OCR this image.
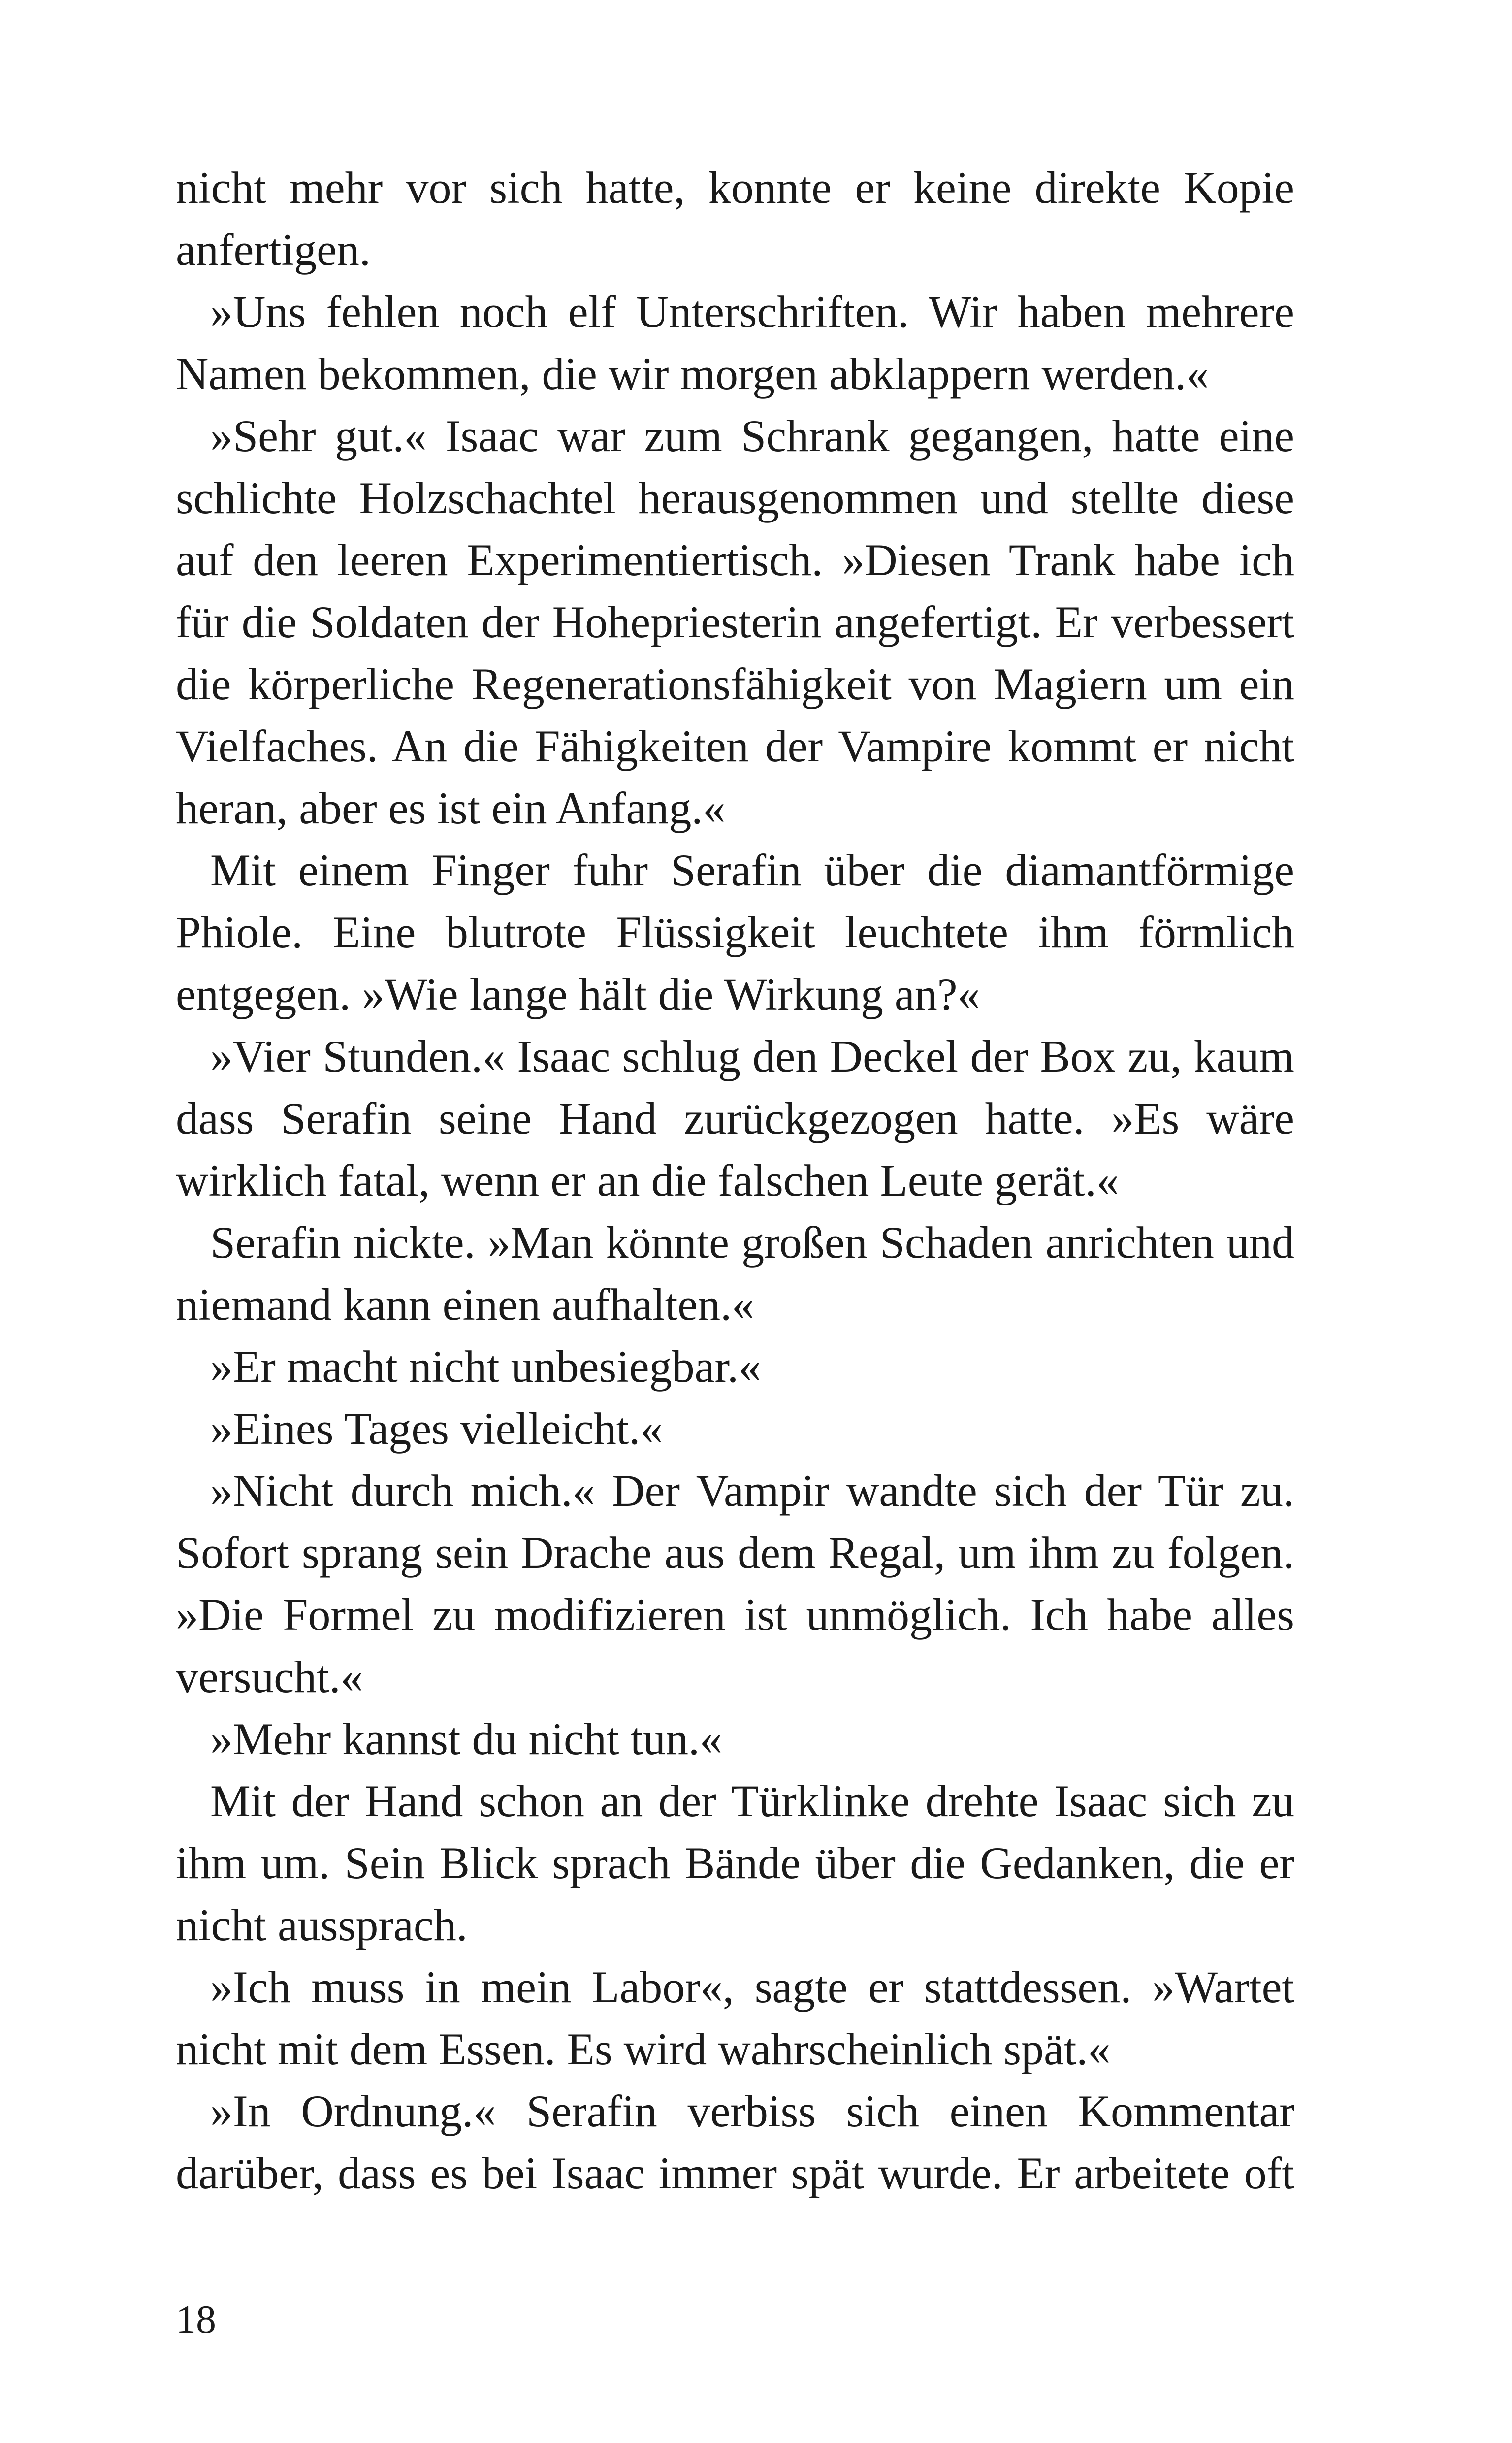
nicht mehr vor sich hatte, konnte er keine direkte Kopie anfertigen.

»Uns fehlen noch elf Unterschriften. Wir haben mehrere Namen bekommen, die wir morgen abklappern werden.«

»Sehr gut.« Isaac war zum Schrank gegangen, hatte eine schlichte Holzschachtel herausgenommen und stellte diese auf den leeren Experimentiertisch. »Diesen Trank habe ich für die Soldaten der Hohepriesterin angefertigt. Er verbessert die körperliche Regenerationsfähigkeit von Magiern um ein Vielfaches. An die Fähigkeiten der Vampire kommt er nicht heran, aber es ist ein Anfang.«

Mit einem Finger fuhr Serafin über die diamantförmige Phiole. Eine blutrote Flüssigkeit leuchtete ihm förmlich entgegen. »Wie lange hält die Wirkung an?«

»Vier Stunden.« Isaac schlug den Deckel der Box zu, kaum dass Serafin seine Hand zurückgezogen hatte. »Es wäre wirklich fatal, wenn er an die falschen Leute gerät.«

Serafin nickte. »Man könnte großen Schaden anrichten und niemand kann einen aufhalten.«

»Er macht nicht unbesiegbar.«

»Eines Tages vielleicht.«

»Nicht durch mich.« Der Vampir wandte sich der Tür zu. Sofort sprang sein Drache aus dem Regal, um ihm zu folgen. »Die Formel zu modifizieren ist unmöglich. Ich habe alles versucht.«

»Mehr kannst du nicht tun.«

Mit der Hand schon an der Türklinke drehte Isaac sich zu ihm um. Sein Blick sprach Bände über die Gedanken, die er nicht aussprach.

»Ich muss in mein Labor«, sagte er stattdessen. »Wartet nicht mit dem Essen. Es wird wahrscheinlich spät.«

»In Ordnung.« Serafin verbiss sich einen Kommentar darüber, dass es bei Isaac immer spät wurde. Er arbeitete oft

18
